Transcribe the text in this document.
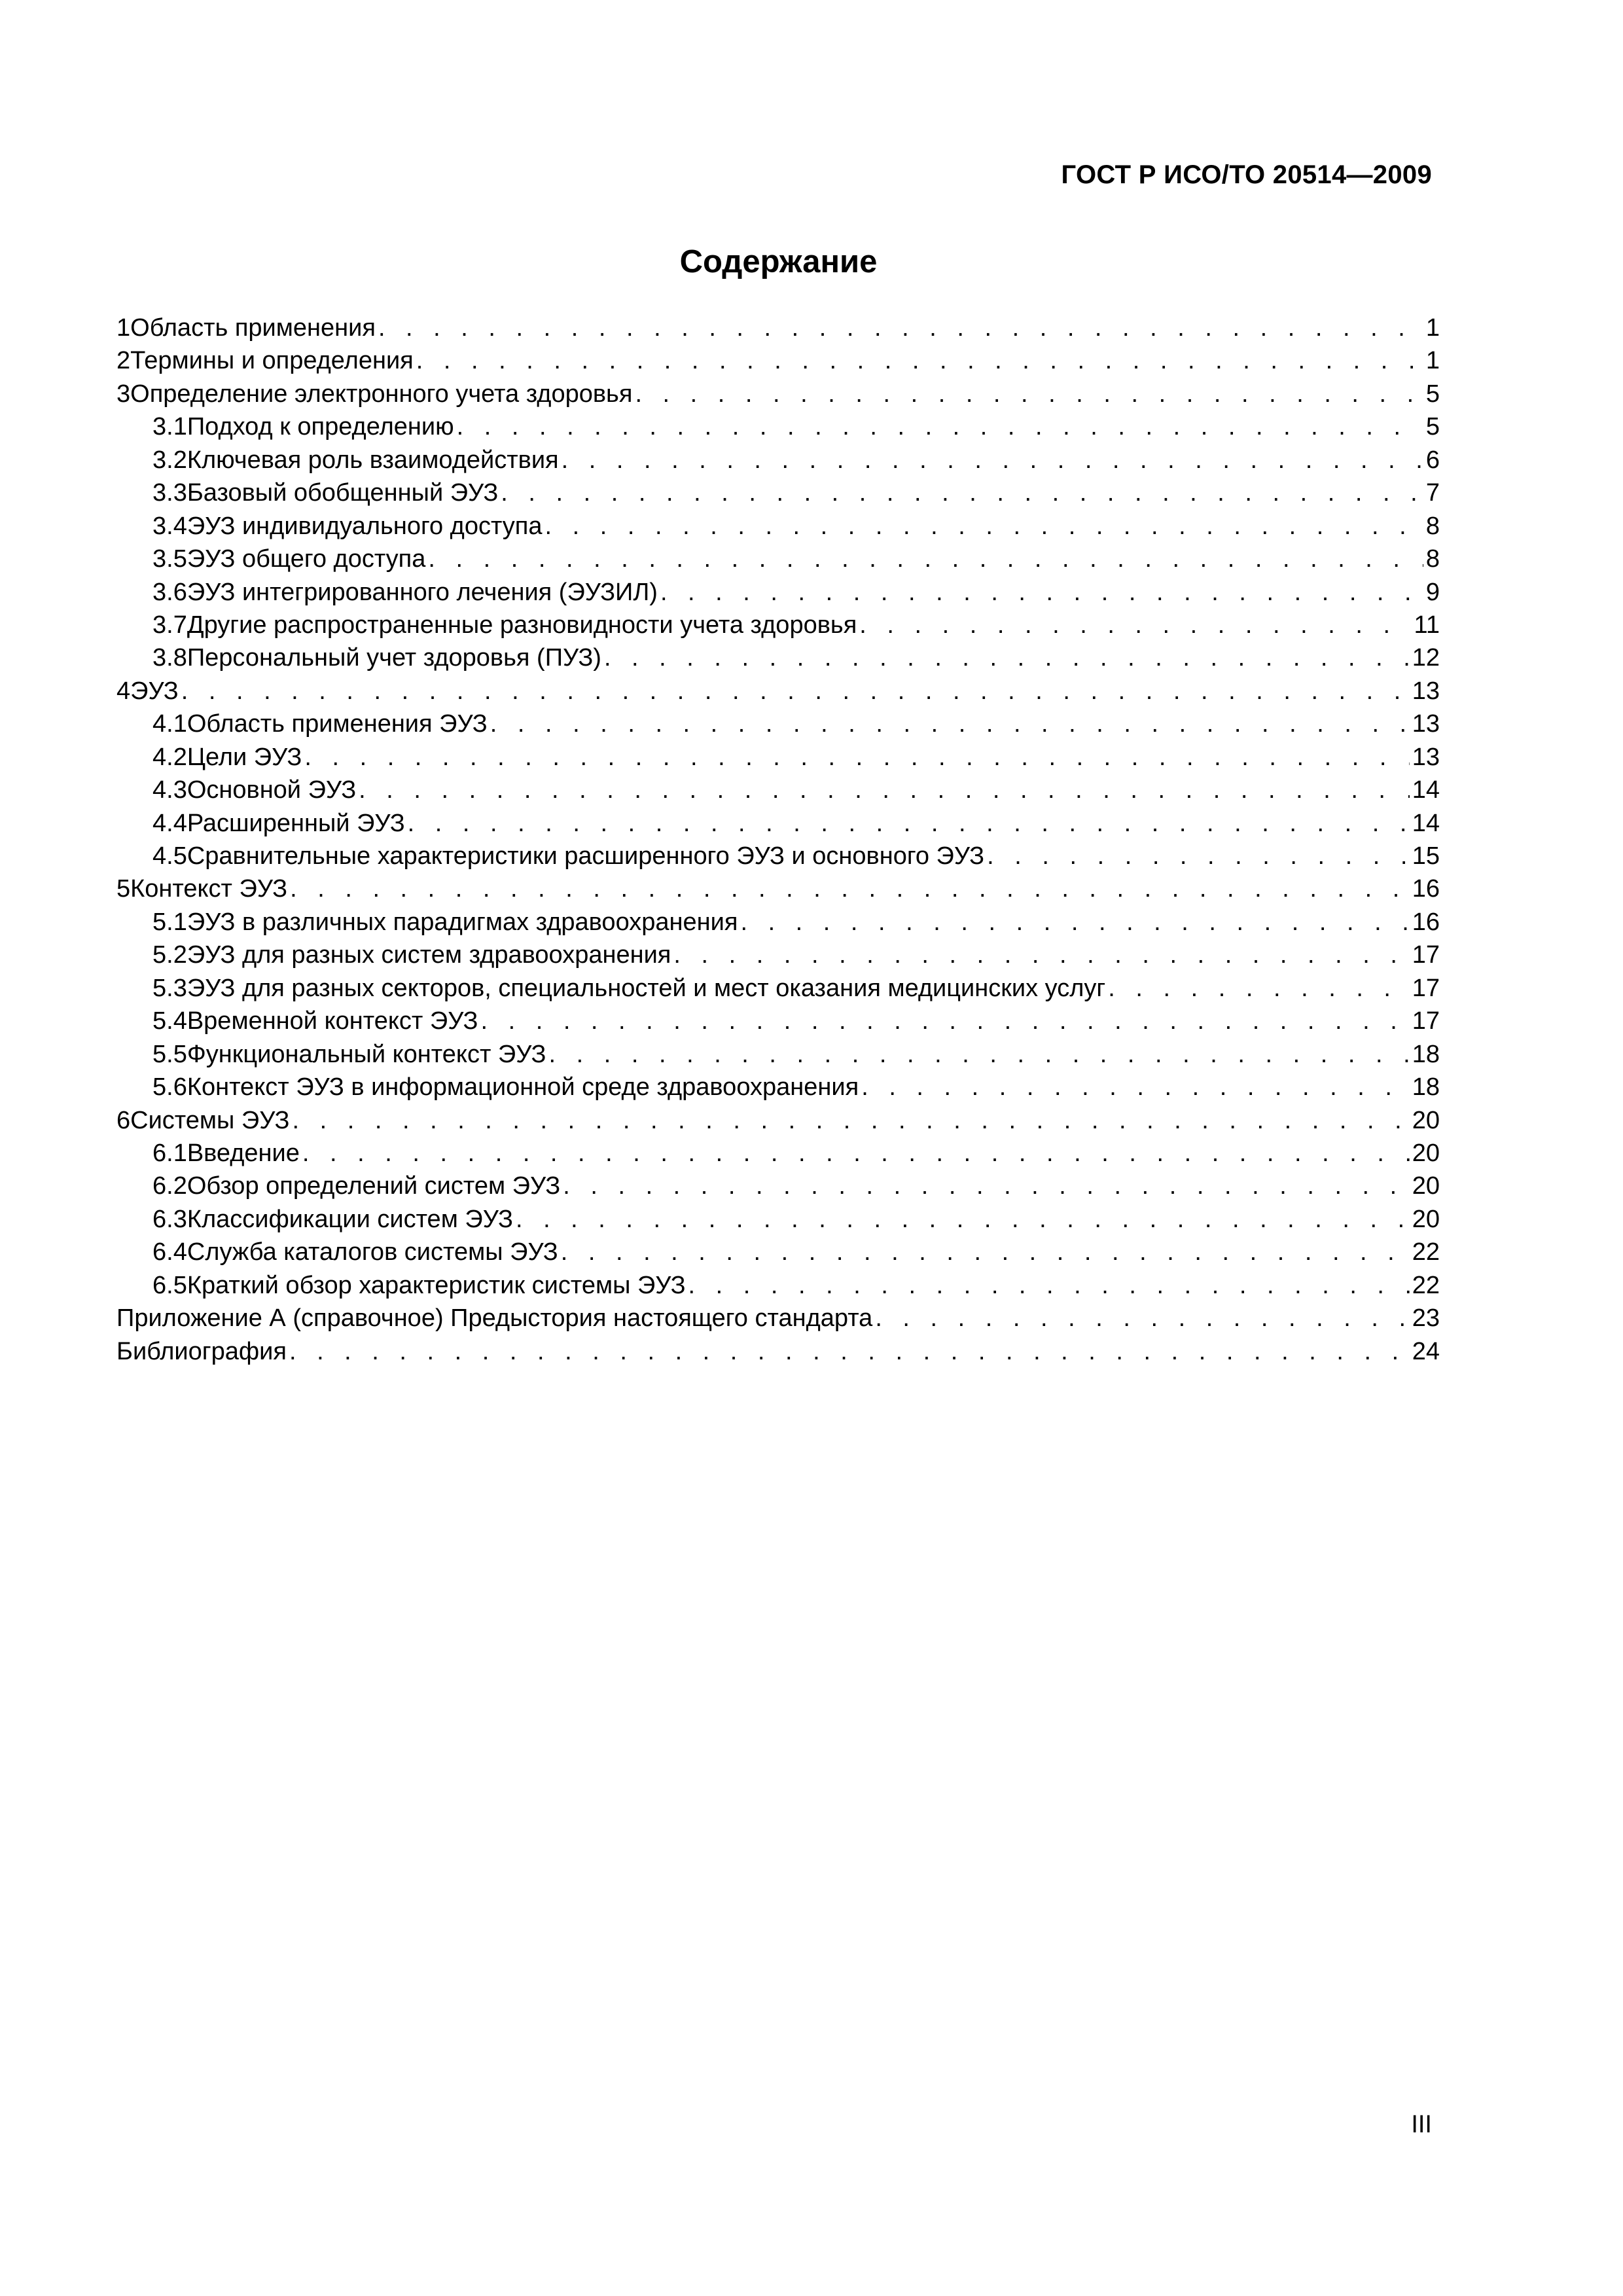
ГОСТ Р ИСО/ТО 20514—2009
Содержание
1 Область применения . . .	1
2 Термины и определения . . .	1
3 Определение электронного учета здоровья . . .	5
3.1 Подход к определению . . .	5
3.2 Ключевая роль взаимодействия . . .	6
3.3 Базовый обобщенный ЭУЗ . . .	7
3.4 ЭУЗ индивидуального доступа . . .	8
3.5 ЭУЗ общего доступа . . .	8
3.6 ЭУЗ интегрированного лечения (ЭУЗИЛ) . . .	9
3.7 Другие распространенные разновидности учета здоровья . . .	11
3.8 Персональный учет здоровья (ПУЗ) . . .	12
4 ЭУЗ . . .	13
4.1 Область применения ЭУЗ . . .	13
4.2 Цели ЭУЗ . . .	13
4.3 Основной ЭУЗ . . .	14
4.4 Расширенный ЭУЗ . . .	14
4.5 Сравнительные характеристики расширенного ЭУЗ и основного ЭУЗ . . .	15
5 Контекст ЭУЗ . . .	16
5.1 ЭУЗ в различных парадигмах здравоохранения . . .	16
5.2 ЭУЗ для разных систем здравоохранения . . .	17
5.3 ЭУЗ для разных секторов, специальностей и мест оказания медицинских услуг . . .	17
5.4 Временной контекст ЭУЗ . . .	17
5.5 Функциональный контекст ЭУЗ . . .	18
5.6 Контекст ЭУЗ в информационной среде здравоохранения . . .	18
6 Системы ЭУЗ . . .	20
6.1 Введение . . .	20
6.2 Обзор определений систем ЭУЗ . . .	20
6.3 Классификации систем ЭУЗ . . .	20
6.4 Служба каталогов системы ЭУЗ . . .	22
6.5 Краткий обзор характеристик системы ЭУЗ . . .	22
Приложение А (справочное) Предыстория настоящего стандарта . . .	23
Библиография . . .	24
III
